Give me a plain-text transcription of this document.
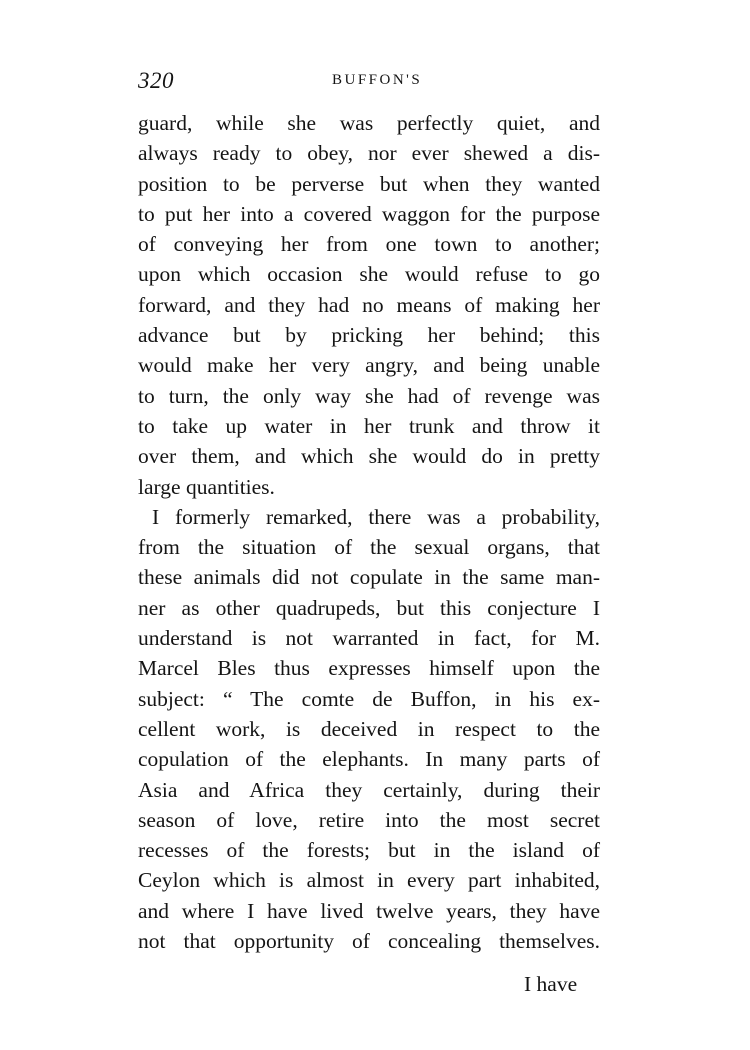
320	BUFFON'S
guard, while she was perfectly quiet, and
always ready to obey, nor ever shewed a dis-
position to be perverse but when they wanted
to put her into a covered waggon for the purpose
of conveying her from one town to another;
upon which occasion she would refuse to go
forward, and they had no means of making her
advance but by pricking her behind; this
would make her very angry, and being unable
to turn, the only way she had of revenge was
to take up water in her trunk and throw it
over them, and which she would do in pretty
large quantities.
I formerly remarked, there was a probability,
from the situation of the sexual organs, that
these animals did not copulate in the same man-
ner as other quadrupeds, but this conjecture I
understand is not warranted in fact, for M.
Marcel Bles thus expresses himself upon the
subject: “ The comte de Buffon, in his ex-
cellent work, is deceived in respect to the
copulation of the elephants. In many parts of
Asia and Africa they certainly, during their
season of love, retire into the most secret
recesses of the forests; but in the island of
Ceylon which is almost in every part inhabited,
and where I have lived twelve years, they have
not that opportunity of concealing themselves.
I have
